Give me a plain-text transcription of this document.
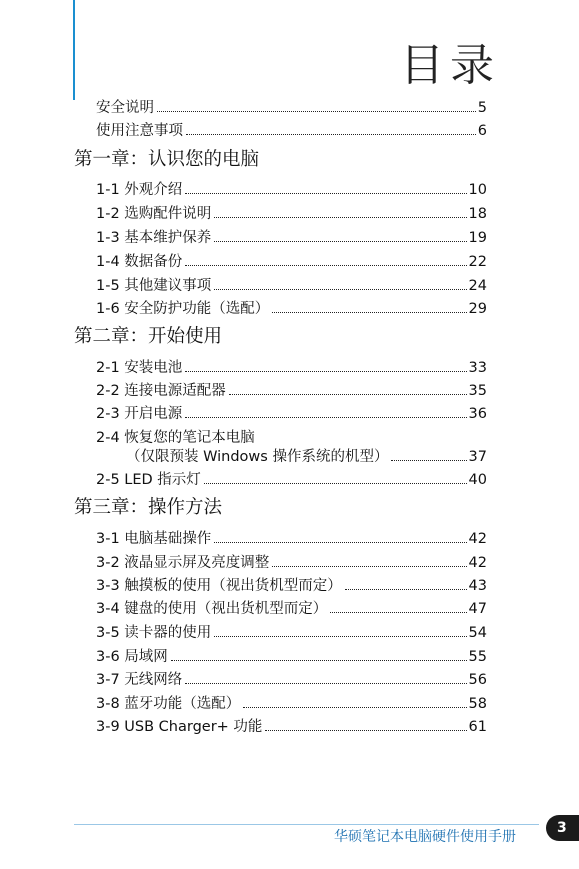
目录
安全说明	5
使用注意事项	6
第一章：认识您的电脑
1-1 外观介绍	10
1-2 选购配件说明	18
1-3 基本维护保养	19
1-4 数据备份	22
1-5 其他建议事项	24
1-6 安全防护功能（选配）	29
第二章：开始使用
2-1 安装电池	33
2-2 连接电源适配器	35
2-3 开启电源	36
2-4 恢复您的笔记本电脑
（仅限预装 Windows 操作系统的机型）	37
2-5 LED 指示灯	40
第三章：操作方法
3-1 电脑基础操作	42
3-2 液晶显示屏及亮度调整	42
3-3 触摸板的使用（视出货机型而定）	43
3-4 键盘的使用（视出货机型而定）	47
3-5 读卡器的使用	54
3-6 局域网	55
3-7 无线网络	56
3-8 蓝牙功能（选配）	58
3-9 USB Charger+ 功能	61
华硕笔记本电脑硬件使用手册
3
